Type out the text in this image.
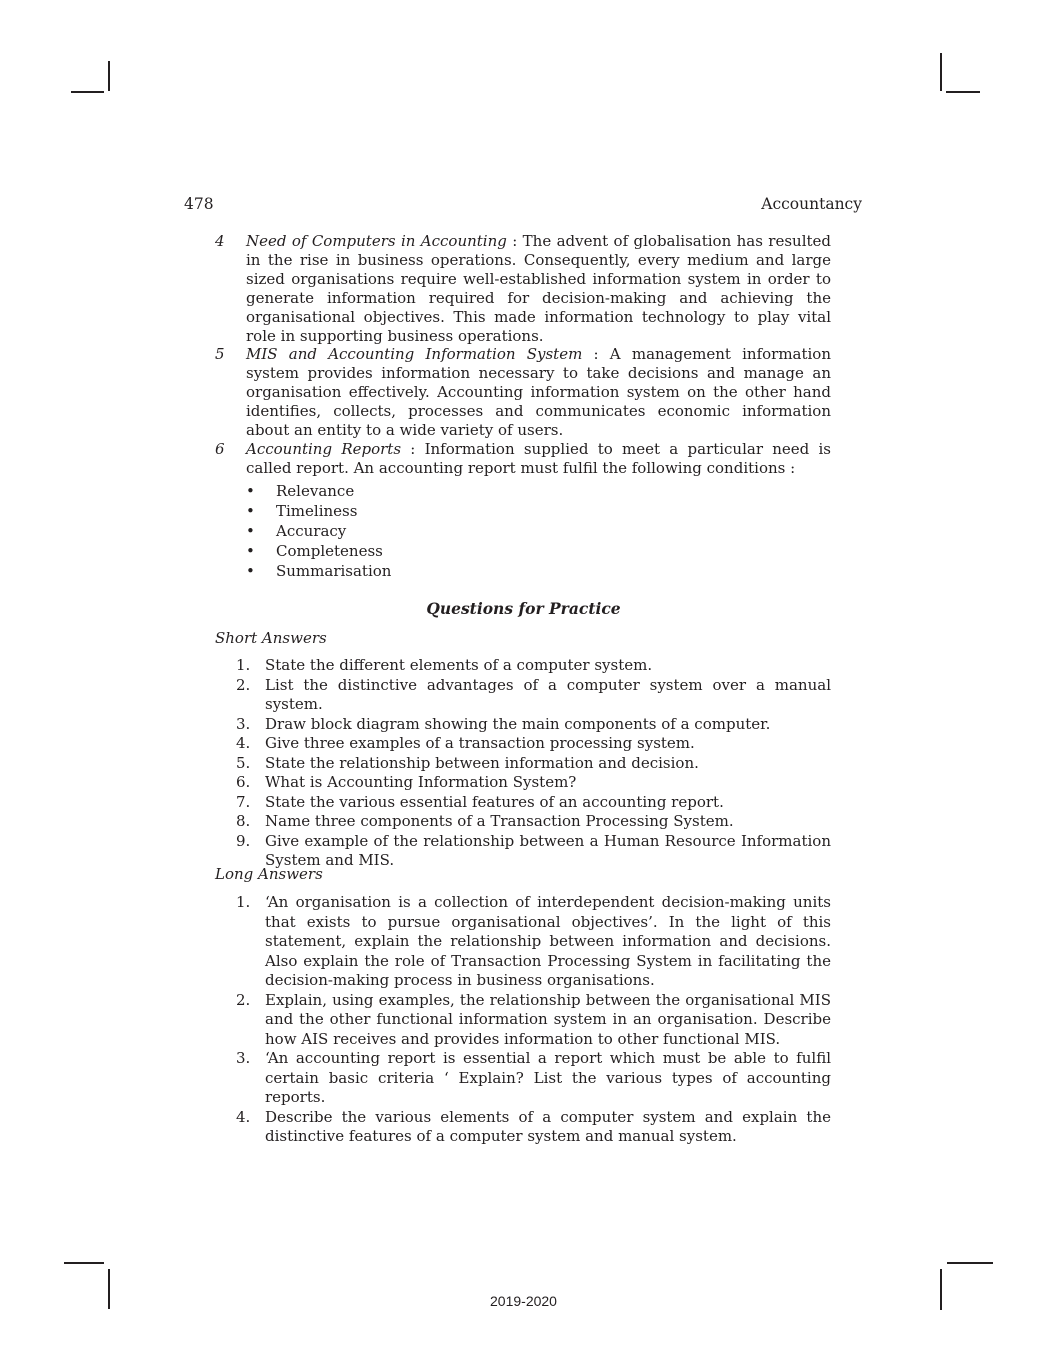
478	Accountancy
4	Need of Computers in Accounting : The advent of globalisation has resulted in the rise in business operations. Consequently, every medium and large sized organisations require well-established information system in order to generate information required for decision-making and achieving the organisational objectives. This made information technology to play vital role in supporting business operations.
5	MIS and Accounting Information System : A management information system provides information necessary to take decisions and manage an organisation effectively. Accounting information system on the other hand identifies, collects, processes and communicates economic information about an entity to a wide variety of users.
6	Accounting Reports : Information supplied to meet a particular need is called report. An accounting report must fulfil the following conditions :
•	Relevance
•	Timeliness
•	Accuracy
•	Completeness
•	Summarisation
Questions for Practice
Short Answers
1. State the different elements of a computer system.
2. List the distinctive advantages of a computer system over a manual system.
3. Draw block diagram showing the main components of a computer.
4. Give three examples of a transaction processing system.
5. State the relationship between information and decision.
6. What is Accounting Information System?
7. State the various essential features of an accounting report.
8. Name three components of a Transaction Processing System.
9. Give example of the relationship between a Human Resource Information System and MIS.
Long Answers
1. ‘An organisation is a collection of interdependent decision-making units that exists to pursue organisational objectives’. In the light of this statement, explain the relationship between information and decisions. Also explain the role of Transaction Processing System in facilitating the decision-making process in business organisations.
2. Explain, using examples, the relationship between the organisational MIS and the other functional information system in an organisation. Describe how AIS receives and provides information to other functional MIS.
3. ‘An accounting report is essential a report which must be able to fulfil certain basic criteria ‘ Explain? List the various types of accounting reports.
4. Describe the various elements of a computer system and explain the distinctive features of a computer system and manual system.
2019-2020
